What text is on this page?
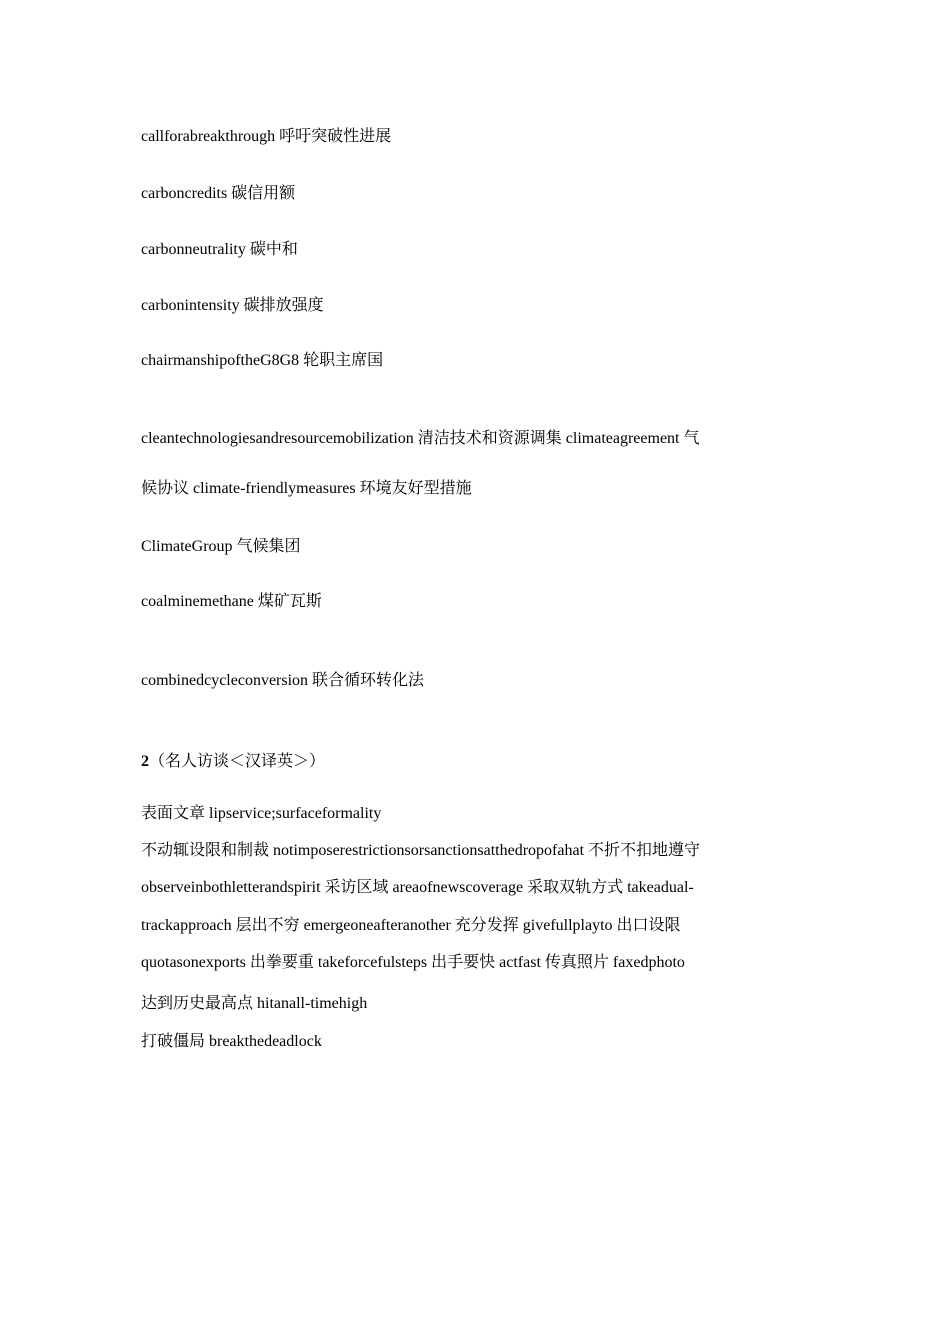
callforabreakthrough 呼吁突破性进展
carboncredits 碳信用额
carbonneutrality 碳中和
carbonintensity 碳排放强度
chairmanshipoftheG8G8 轮职主席国
cleantechnologiesandresourcemobilization 清洁技术和资源调集 climateagreement 气
候协议 climate-friendlymeasures 环境友好型措施
ClimateGroup 气候集团
coalminemethane 煤矿瓦斯
combinedcycleconversion 联合循环转化法
2（名人访谈＜汉译英＞）
表面文章 lipservice;surfaceformality
不动辄设限和制裁 notimposerestrictionsorsanctionsatthedropofahat 不折不扣地遵守
observeinbothletterandspirit 采访区域 areaofnewscoverage 采取双轨方式 takeadual-
trackapproach 层出不穷 emergeoneafteranother 充分发挥 givefullplayto 出口设限
quotasonexports 出拳要重 takeforcefulsteps 出手要快 actfast 传真照片 faxedphoto
达到历史最高点 hitanall-timehigh
打破僵局 breakthedeadlock
